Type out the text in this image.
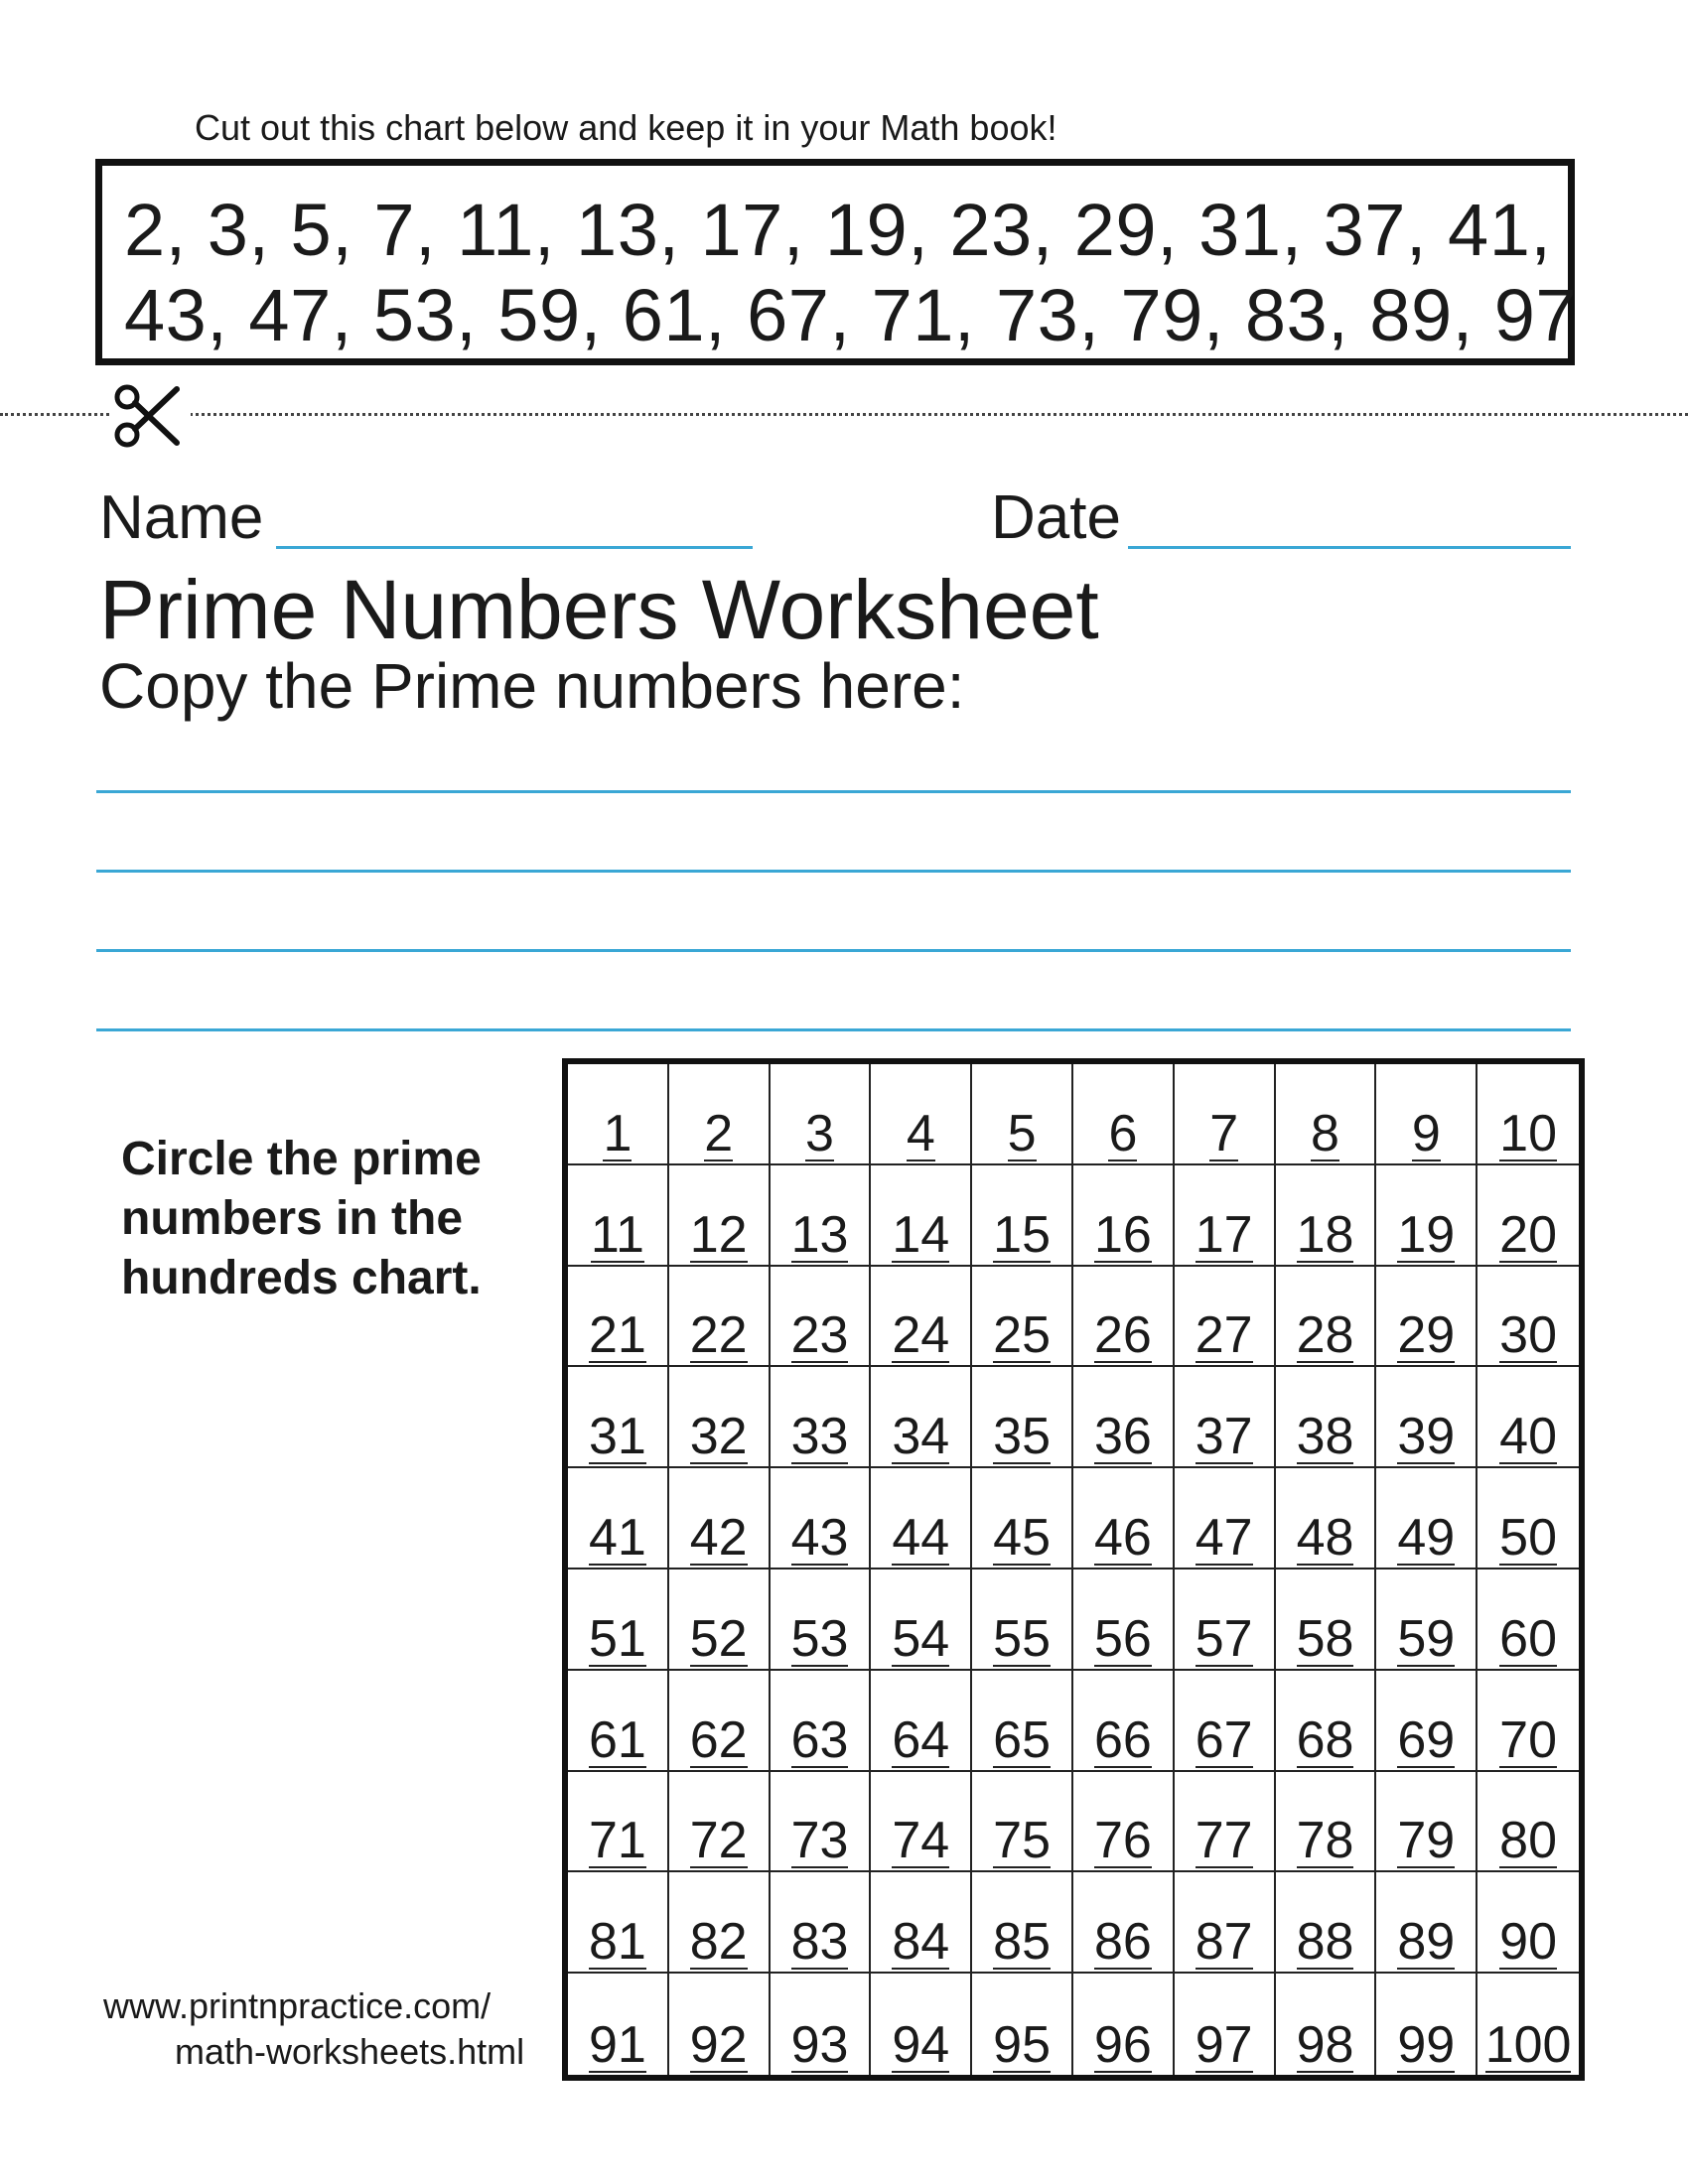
Cut out this chart below and keep it in your Math book!
2, 3, 5, 7, 11, 13, 17, 19, 23, 29, 31, 37, 41,
43, 47, 53, 59, 61, 67, 71, 73, 79, 83, 89, 97
Name	Date
Prime Numbers Worksheet
Copy the Prime numbers here:
Circle the prime numbers in the hundreds chart.
1 2 3 4 5 6 7 8 9 10
11 12 13 14 15 16 17 18 19 20
21 22 23 24 25 26 27 28 29 30
31 32 33 34 35 36 37 38 39 40
41 42 43 44 45 46 47 48 49 50
51 52 53 54 55 56 57 58 59 60
61 62 63 64 65 66 67 68 69 70
71 72 73 74 75 76 77 78 79 80
81 82 83 84 85 86 87 88 89 90
91 92 93 94 95 96 97 98 99 100
www.printnpractice.com/
math-worksheets.html
